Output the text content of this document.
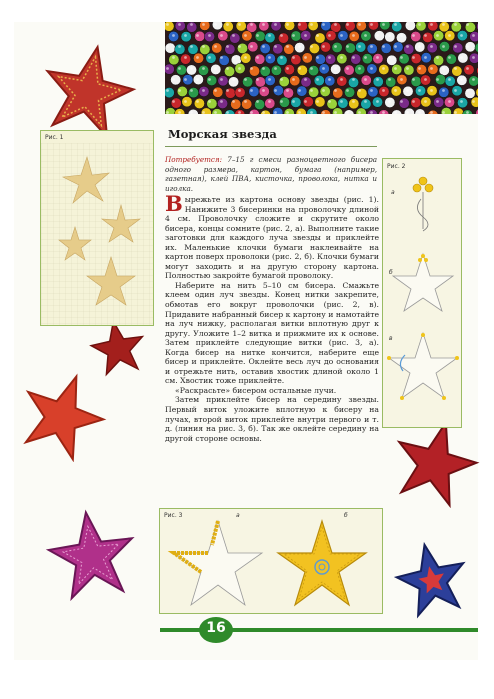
Рис. 1	Морская звезда
Потребуется: 7–15 г смеси разноцветного бисера одного размера, картон, бумага (например, газетная), клей ПВА, кисточка, проволока, нитка и иголка.

Вырежьте из картона основу звезды (рис. 1). Нанижите 3 бисеринки на проволочку длиной 4 см. Проволочку сложите и скрутите около бисера, концы сомните (рис. 2, а). Выполните такие заготовки для каждого луча звезды и приклейте их. Маленькие клочки бумаги наклеивайте на картон поверх проволоки (рис. 2, б). Клочки бумаги могут заходить и на другую сторону картона. Полностью закройте бумагой проволоку.

Наберите на нить 5–10 см бисера. Смажьте клеем один луч звезды. Конец нитки закрепите, обмотав его вокруг проволочки (рис. 2, в). Придавите набранный бисер к картону и намотайте на луч нижку, располагая витки вплотную друг к другу. Уложите 1–2 витка и прижмите их к основе. Затем приклейте следующие витки (рис. 3, а). Когда бисер на нитке кончится, наберите еще бисер и приклейте. Оклейте весь луч до основания и отрежьте нить, оставив хвостик длиной около 1 см. Хвостик тоже приклейте.

«Раскрасьте» бисером остальные лучи.

Затем приклейте бисер на середину звезды. Первый виток уложите вплотную к бисеру на лучах, второй виток приклейте внутри первого и т. д. (линия на рис. 3, б). Так же оклейте середину на другой стороне основы.

Рис. 2
а
б
в
Рис. 3	а	б
16
